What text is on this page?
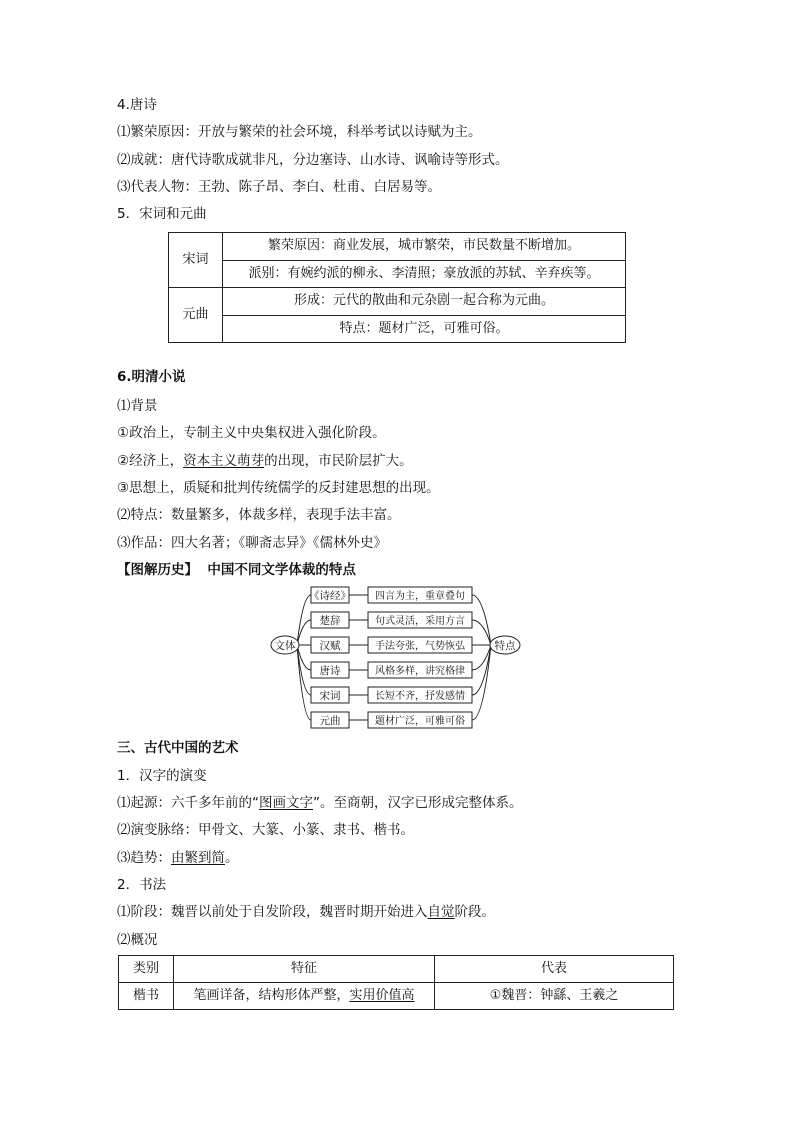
4.唐诗
⑴繁荣原因：开放与繁荣的社会环境，科举考试以诗赋为主。
⑵成就：唐代诗歌成就非凡，分边塞诗、山水诗、讽喻诗等形式。
⑶代表人物：王勃、陈子昂、李白、杜甫、白居易等。
5．宋词和元曲
宋词	繁荣原因：商业发展，城市繁荣，市民数量不断增加。
	派别：有婉约派的柳永、李清照；豪放派的苏轼、辛弃疾等。
元曲	形成：元代的散曲和元杂剧一起合称为元曲。
	特点：题材广泛，可雅可俗。
6.明清小说
⑴背景
①政治上，专制主义中央集权进入强化阶段。
②经济上，资本主义萌芽的出现，市民阶层扩大。
③思想上，质疑和批判传统儒学的反封建思想的出现。
⑵特点：数量繁多，体裁多样，表现手法丰富。
⑶作品：四大名著；《聊斋志异》《儒林外史》
【图解历史】 中国不同文学体裁的特点
《诗经》 四言为主，重章叠句
楚辞	句式灵活，采用方言
汉赋	手法夸张，气势恢弘
唐诗	风格多样，讲究格律
宋词	长短不齐，抒发感情
元曲	题材广泛，可雅可俗
文体	特点
三、古代中国的艺术
1．汉字的演变
⑴起源：六千多年前的“图画文字”。至商朝，汉字已形成完整体系。
⑵演变脉络：甲骨文、大篆、小篆、隶书、楷书。
⑶趋势：由繁到简。
2．书法
⑴阶段：魏晋以前处于自发阶段，魏晋时期开始进入自觉阶段。
⑵概况
类别	特征	代表
楷书	笔画详备，结构形体严整，实用价值高	①魏晋：钟繇、王羲之
